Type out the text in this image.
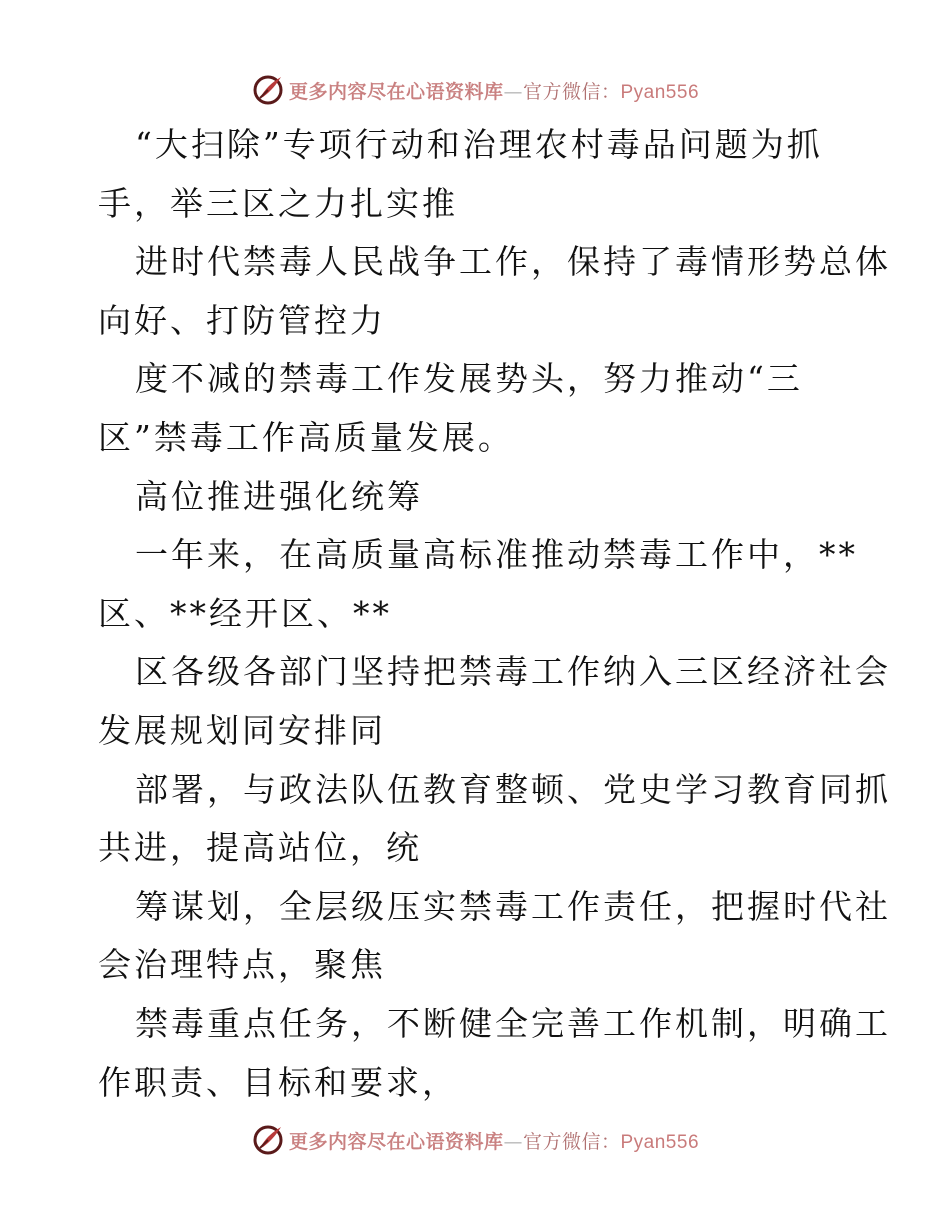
更多内容尽在心语资料库—官方微信：Pyan556
“大扫除”专项行动和治理农村毒品问题为抓
手，举三区之力扎实推
进时代禁毒人民战争工作，保持了毒情形势总体
向好、打防管控力
度不减的禁毒工作发展势头，努力推动“三
区”禁毒工作高质量发展。
高位推进强化统筹
一年来，在高质量高标准推动禁毒工作中，**
区、**经开区、**
区各级各部门坚持把禁毒工作纳入三区经济社会
发展规划同安排同
部署，与政法队伍教育整顿、党史学习教育同抓
共进，提高站位，统
筹谋划，全层级压实禁毒工作责任，把握时代社
会治理特点，聚焦
禁毒重点任务，不断健全完善工作机制，明确工
作职责、目标和要求，
更多内容尽在心语资料库—官方微信：Pyan556
